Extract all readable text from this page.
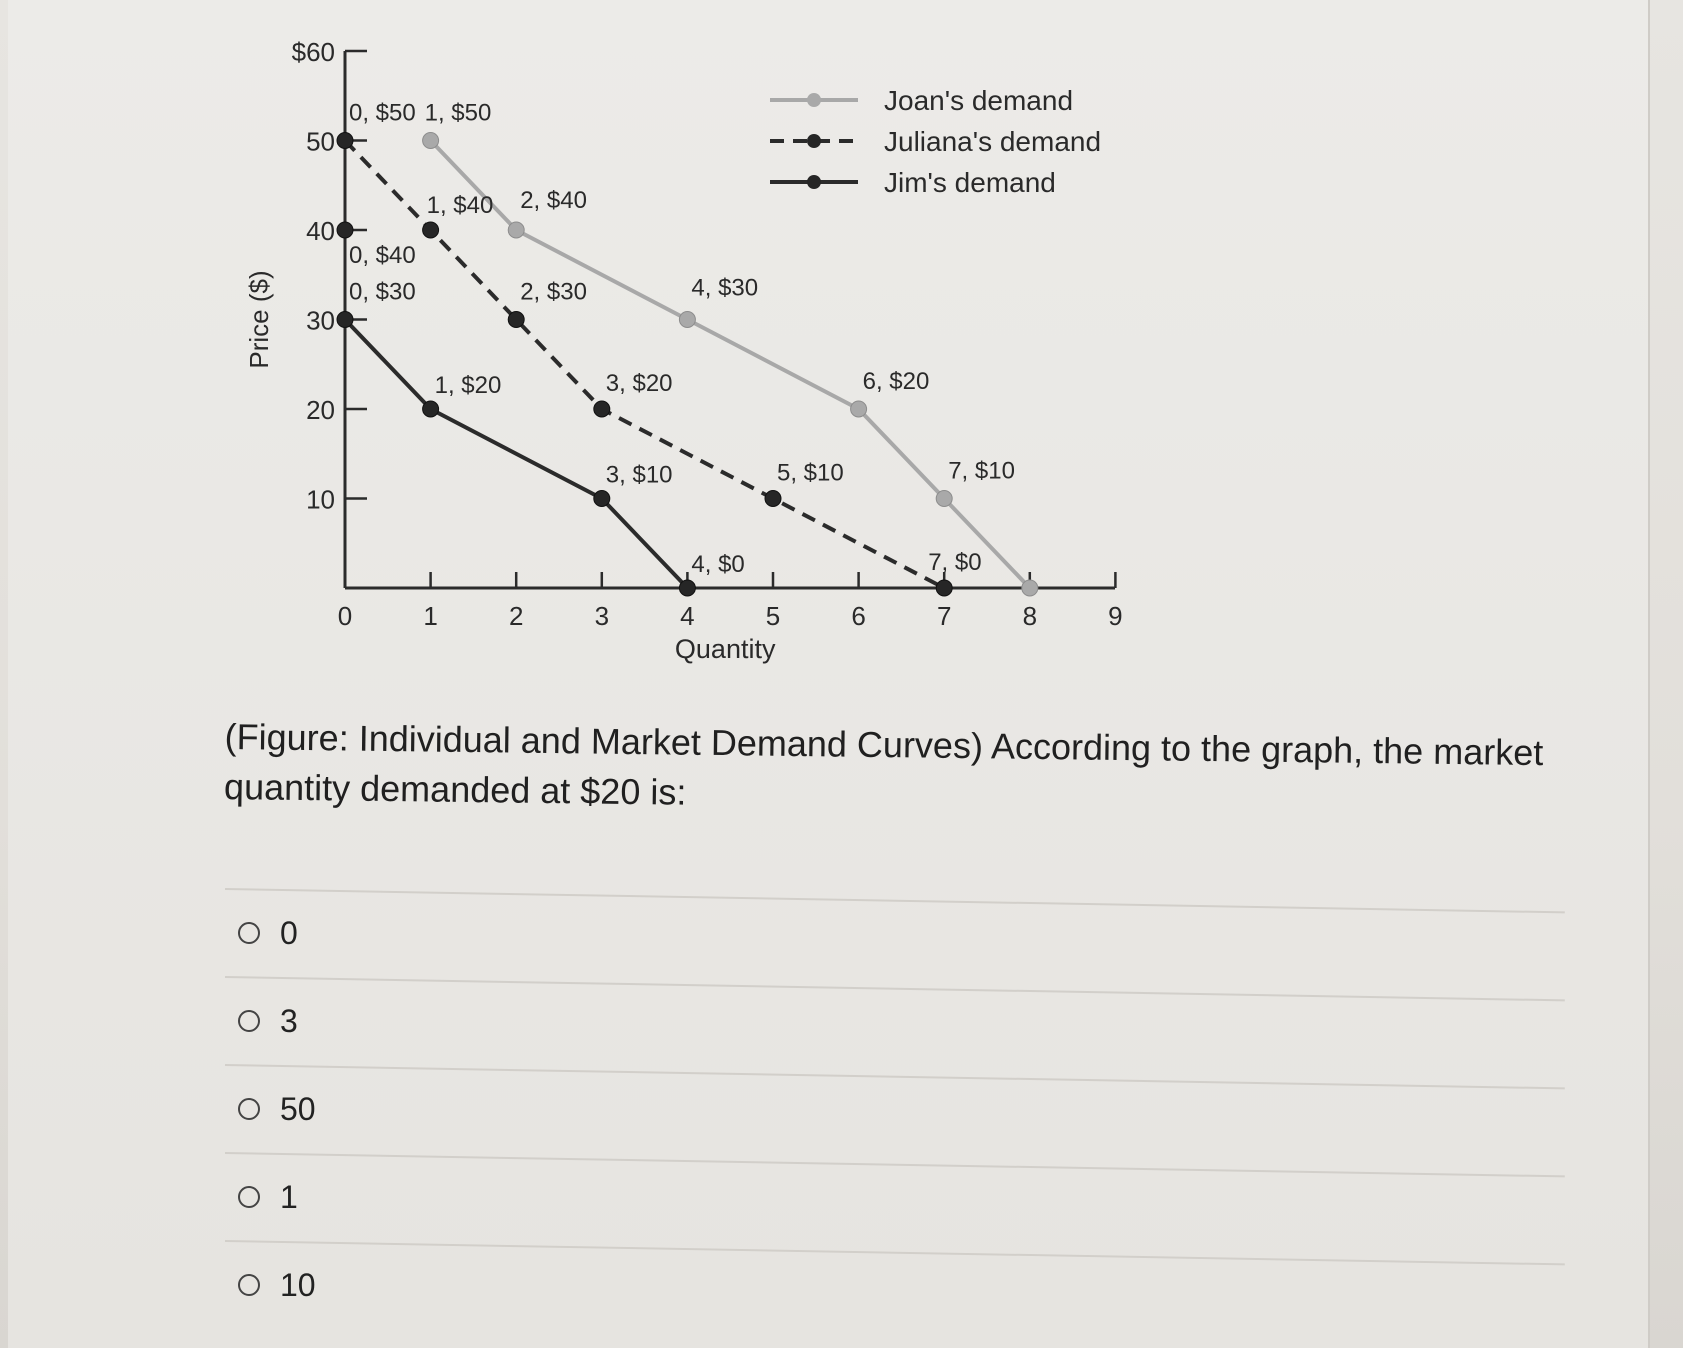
0	1	2	3	4	5	6	7	8	9
10
20
30
40
50
$60
Quantity
Price ($)
1, $50
2, $40
4, $30
6, $20
7, $10
0, $50
1, $40
2, $30
3, $20
5, $10
7, $0
0, $30
1, $20
3, $10
4, $0
0, $40
Joan's demand
Juliana's demand
Jim's demand
(Figure: Individual and Market Demand Curves) According to the graph, the market quantity demanded at $20 is:
0
3
50
1
10
